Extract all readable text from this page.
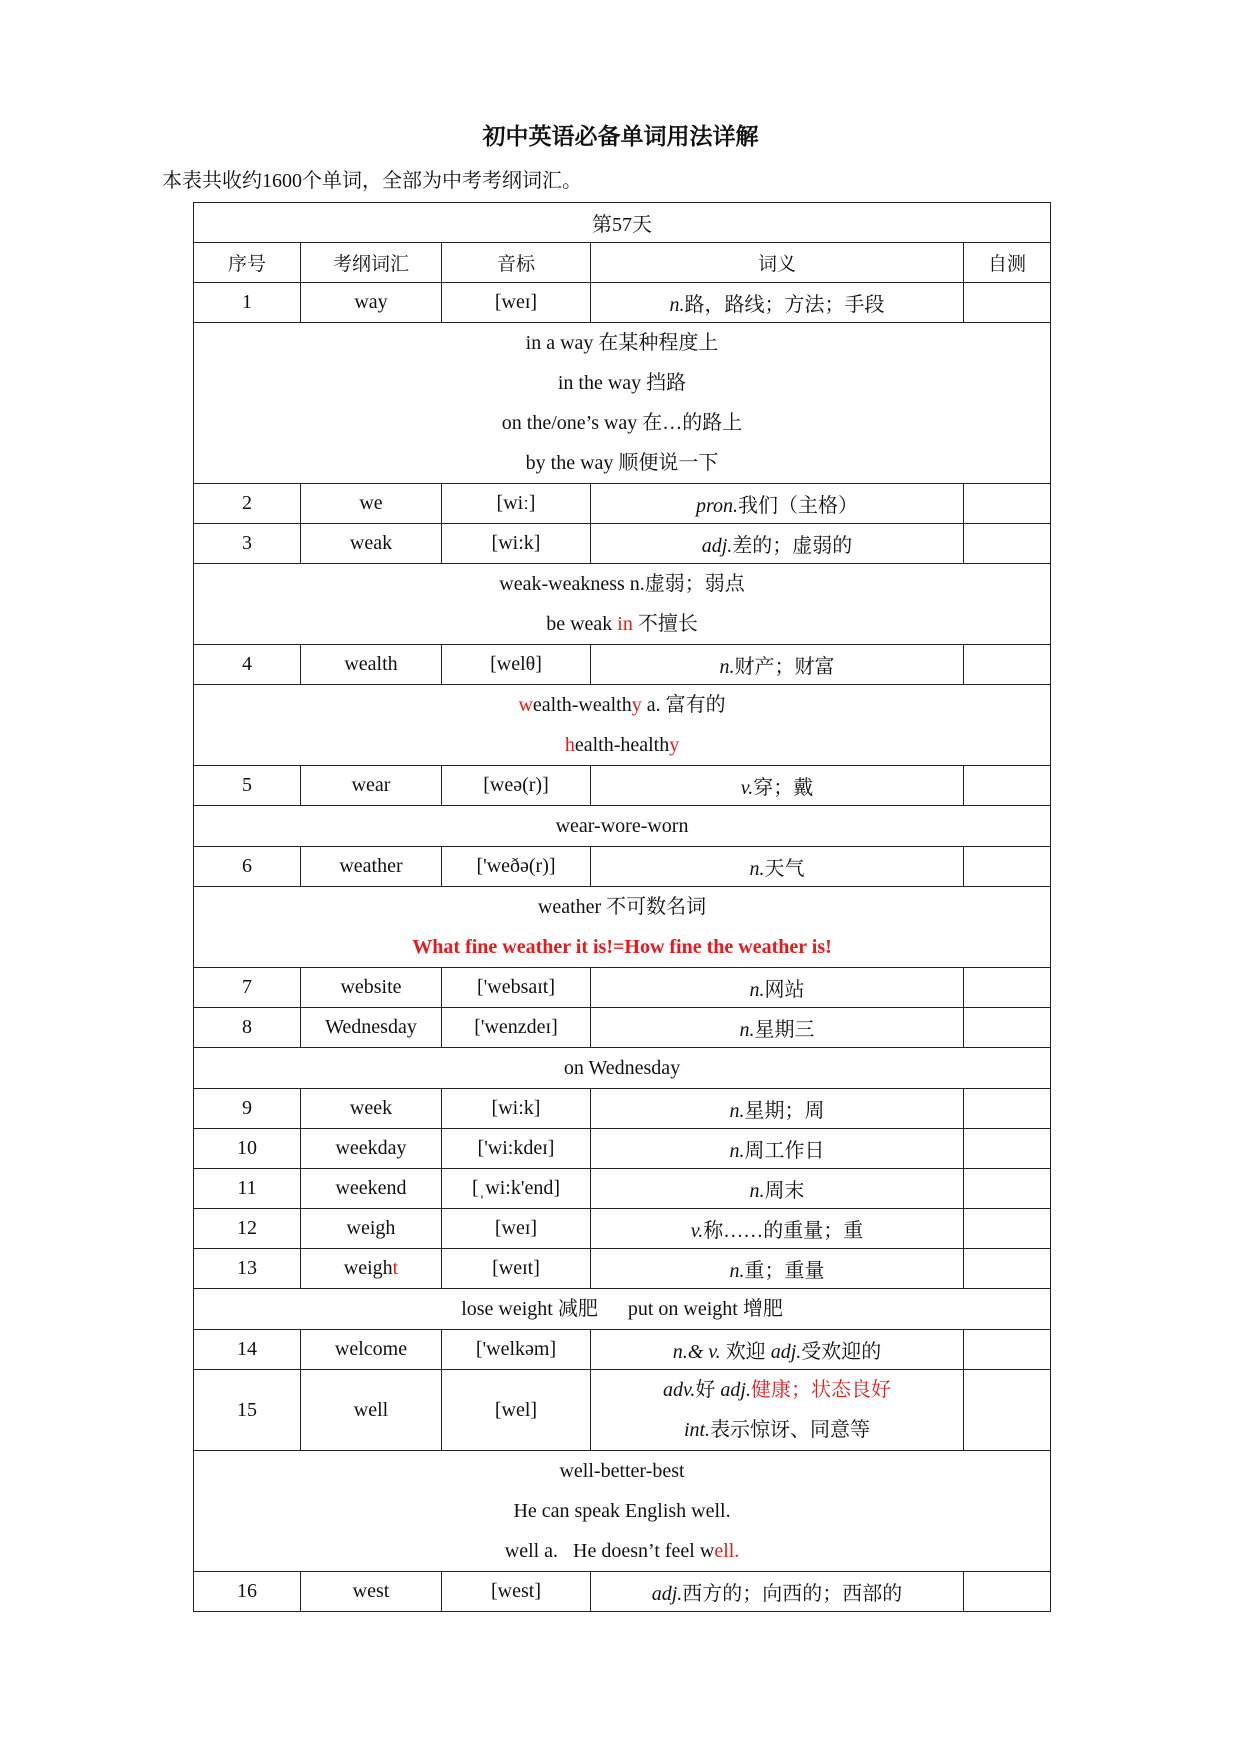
初中英语必备单词用法详解
本表共收约1600个单词，全部为中考考纲词汇。
第57天				
序号	考纲词汇	音标	词义	自测
1	way	[weɪ]	n.路，路线；方法；手段	

in a way 在某种程度上
in the way 挡路
on the/one’s way 在…的路上
by the way 顺便说一下				

2	we	[wiː]	pron.我们（主格）	
3	weak	[wi:k]	adj.差的；虚弱的	

weak-weakness n.虚弱；弱点
be weak in 不擅长				

4	wealth	[welθ]	n.财产；财富	

wealth-wealthy a. 富有的
health-healthy				

5	wear	[weə(r)]	v.穿；戴	

wear-wore-worn				

6	weather	['weðə(r)]	n.天气	

weather 不可数名词
What fine weather it is!=How fine the weather is!				

7	website	['websaɪt]	n.网站	
8	Wednesday	['wenzdeɪ]	n.星期三	

on Wednesday				

9	week	[wi:k]	n.星期；周	
10	weekday	['wi:kdeɪ]	n.周工作日	
11	weekend	[ˌwi:k'end]	n.周末	
12	weigh	[weɪ]	v.称……的重量；重	
13	weight	[weɪt]	n.重；重量	

lose weight 减肥      put on weight 增肥				

14	welcome	['welkəm]	n.& v. 欢迎 adj.受欢迎的	
15	well	[wel]	adv.好 adj.健康；状态良好
int.表示惊讶、同意等	

well-better-best
He can speak English well.
well a.   He doesn’t feel well.				

16	west	[west]	adj.西方的；向西的；西部的	
